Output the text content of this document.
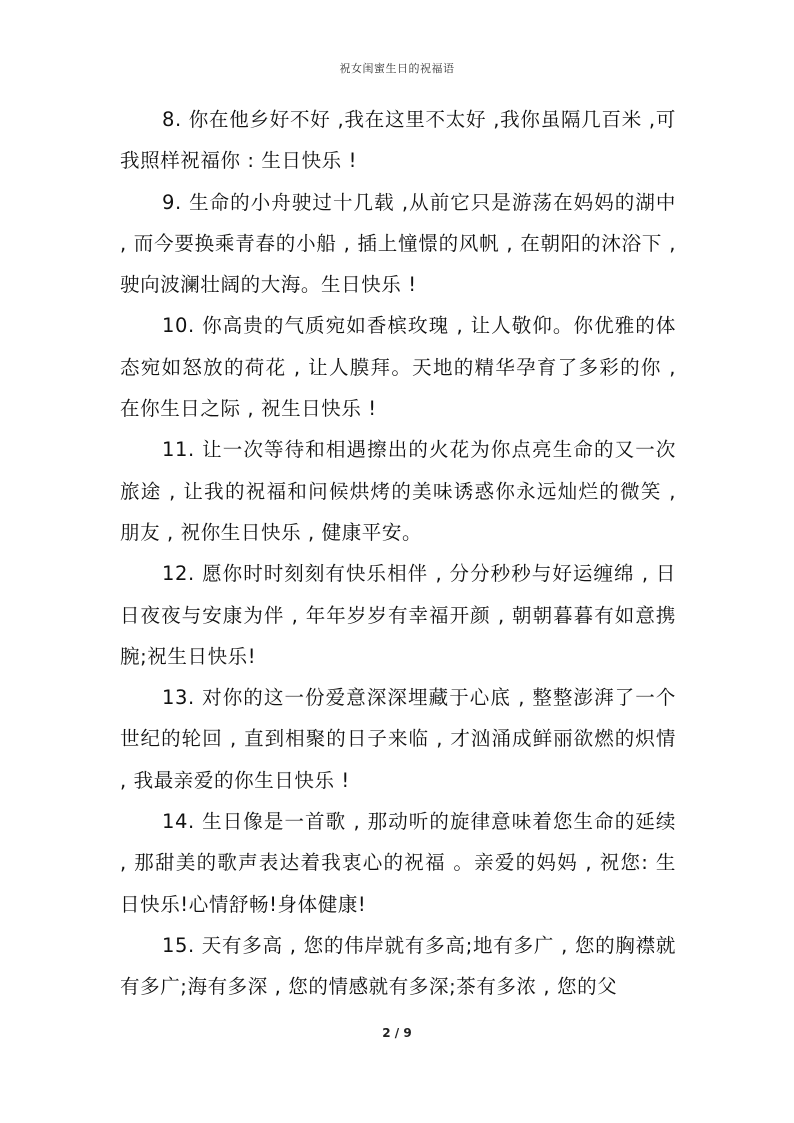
祝女闺蜜生日的祝福语

8. 你在他乡好不好 ,我在这里不太好 ,我你虽隔几百米 ,可我照样祝福你 : 生日快乐 !

9. 生命的小舟驶过十几载 ,从前它只是游荡在妈妈的湖中 , 而今要换乘青春的小船 , 插上憧憬的风帆 , 在朝阳的沐浴下 , 驶向波澜壮阔的大海。生日快乐 !

10. 你高贵的气质宛如香槟玫瑰 , 让人敬仰。你优雅的体态宛如怒放的荷花 , 让人膜拜。天地的精华孕育了多彩的你 , 在你生日之际 , 祝生日快乐 !

11. 让一次等待和相遇擦出的火花为你点亮生命的又一次旅途 , 让我的祝福和问候烘烤的美味诱惑你永远灿烂的微笑 , 朋友 , 祝你生日快乐 , 健康平安。

12. 愿你时时刻刻有快乐相伴 , 分分秒秒与好运缠绵 , 日日夜夜与安康为伴 , 年年岁岁有幸福开颜 , 朝朝暮暮有如意携腕;祝生日快乐!

13. 对你的这一份爱意深深埋藏于心底 , 整整澎湃了一个世纪的轮回 , 直到相聚的日子来临 , 才汹涌成鲜丽欲燃的炽情 , 我最亲爱的你生日快乐 !

14. 生日像是一首歌 , 那动听的旋律意味着您生命的延续 , 那甜美的歌声表达着我衷心的祝福 。亲爱的妈妈 , 祝您: 生日快乐!心情舒畅!身体健康!

15. 天有多高 , 您的伟岸就有多高;地有多广 , 您的胸襟就有多广;海有多深 , 您的情感就有多深;茶有多浓 , 您的父

2 / 9
